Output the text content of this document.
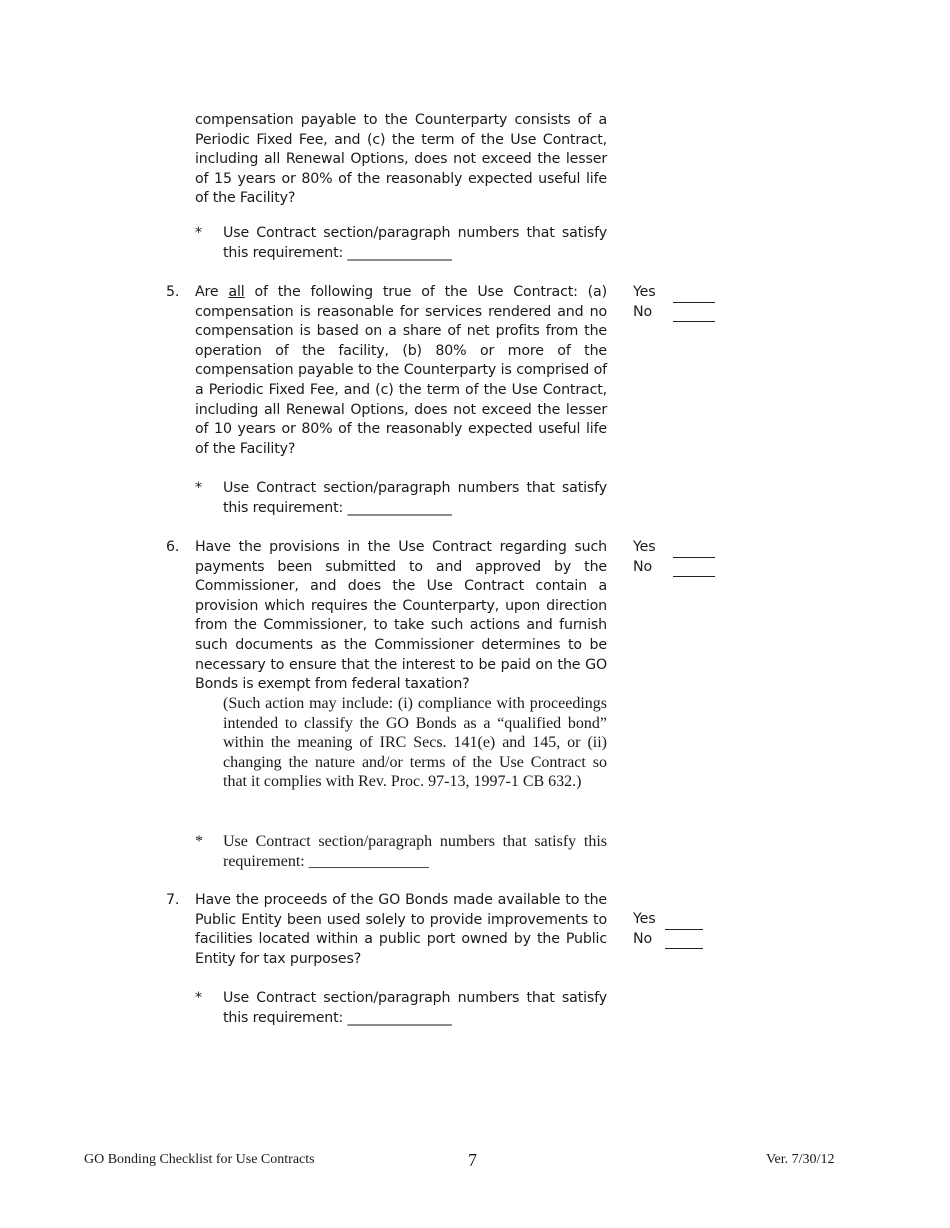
compensation payable to the Counterparty consists of a Periodic Fixed Fee, and (c) the term of the Use Contract, including all Renewal Options, does not exceed the lesser of 15 years or 80% of the reasonably expected useful life of the Facility?
* Use Contract section/paragraph numbers that satisfy this requirement: _______________
5. Are all of the following true of the Use Contract: (a) compensation is reasonable for services rendered and no compensation is based on a share of net profits from the operation of the facility, (b) 80% or more of the compensation payable to the Counterparty is comprised of a Periodic Fixed Fee, and (c) the term of the Use Contract, including all Renewal Options, does not exceed the lesser of 10 years or 80% of the reasonably expected useful life of the Facility?
* Use Contract section/paragraph numbers that satisfy this requirement: _______________
Yes
No
6. Have the provisions in the Use Contract regarding such payments been submitted to and approved by the Commissioner, and does the Use Contract contain a provision which requires the Counterparty, upon direction from the Commissioner, to take such actions and furnish such documents as the Commissioner determines to be necessary to ensure that the interest to be paid on the GO Bonds is exempt from federal taxation?
(Such action may include: (i) compliance with proceedings intended to classify the GO Bonds as a “qualified bond” within the meaning of IRC Secs. 141(e) and 145, or (ii) changing the nature and/or terms of the Use Contract so that it complies with Rev. Proc. 97-13, 1997-1 CB 632.)
* Use Contract section/paragraph numbers that satisfy this requirement: _______________
Yes
No
7. Have the proceeds of the GO Bonds made available to the Public Entity been used solely to provide improvements to facilities located within a public port owned by the Public Entity for tax purposes?
* Use Contract section/paragraph numbers that satisfy this requirement: _______________
Yes
No
GO Bonding Checklist for Use Contracts	7	Ver. 7/30/12
